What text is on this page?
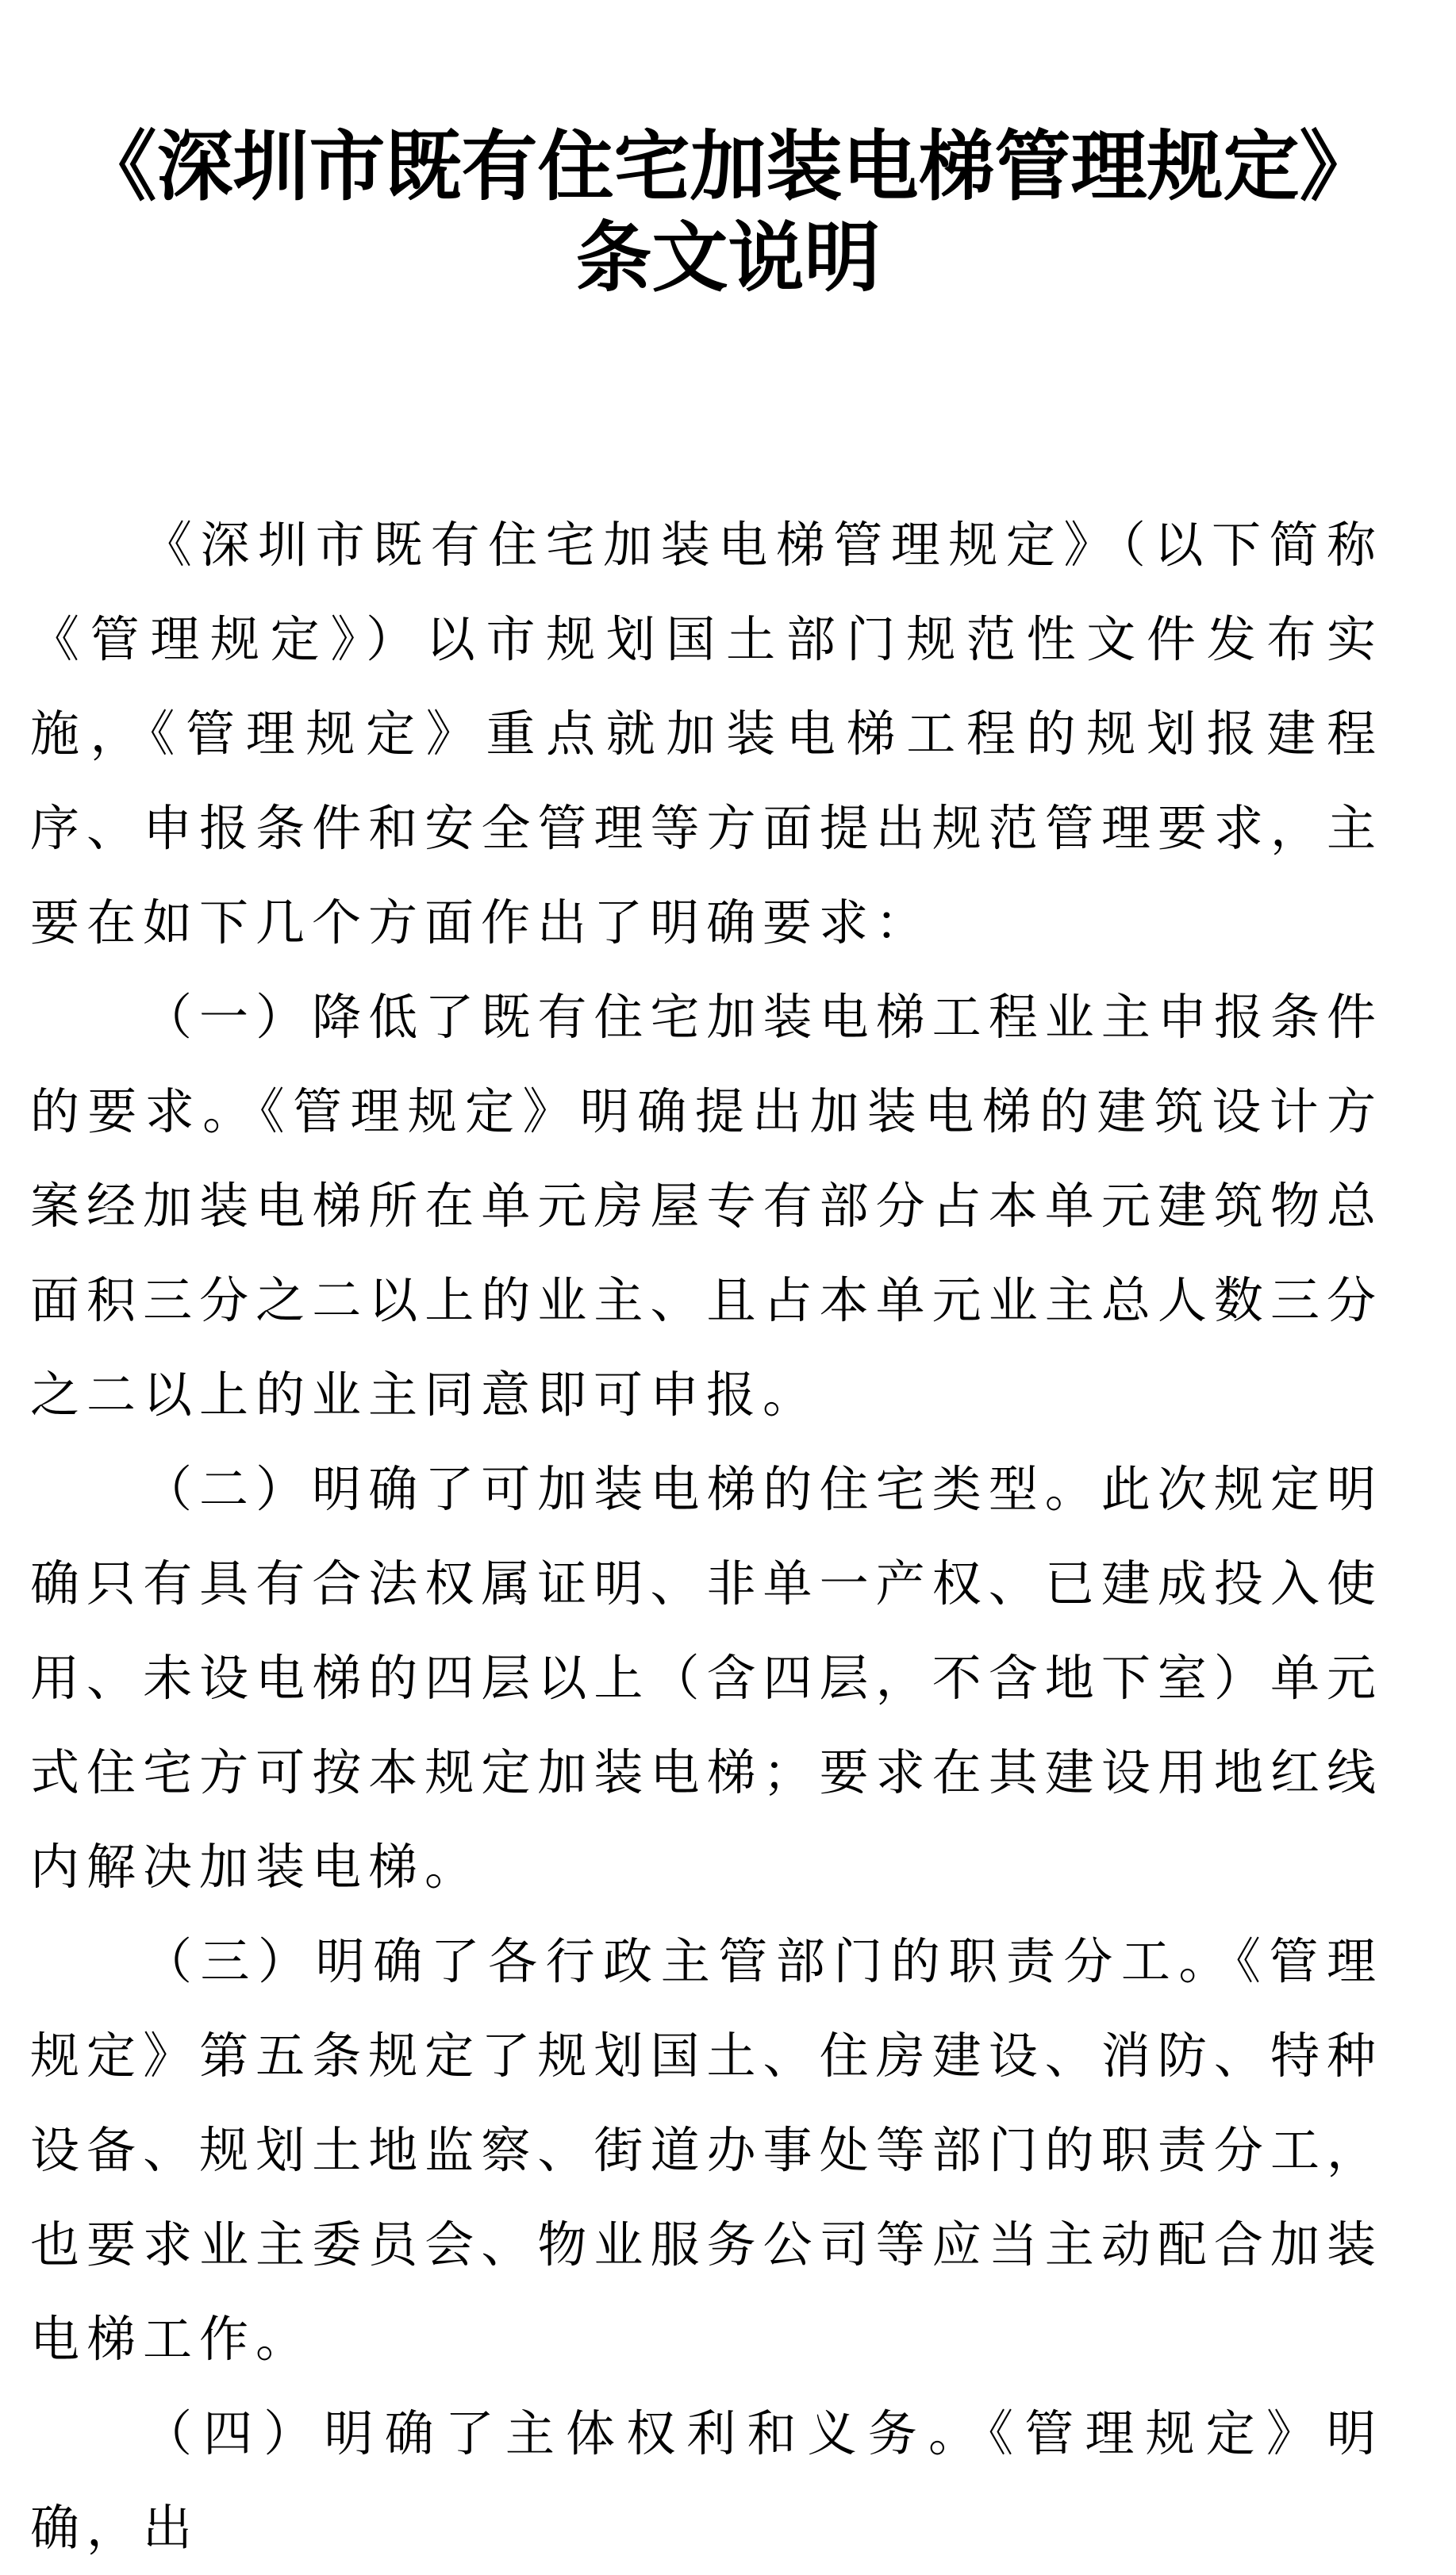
《深圳市既有住宅加装电梯管理规定》
条文说明

《深圳市既有住宅加装电梯管理规定》（以下简称《管理规定》）以市规划国土部门规范性文件发布实施，《管理规定》重点就加装电梯工程的规划报建程序、申报条件和安全管理等方面提出规范管理要求，主要在如下几个方面作出了明确要求：

（一）降低了既有住宅加装电梯工程业主申报条件的要求。《管理规定》明确提出加装电梯的建筑设计方案经加装电梯所在单元房屋专有部分占本单元建筑物总面积三分之二以上的业主、且占本单元业主总人数三分之二以上的业主同意即可申报。

（二）明确了可加装电梯的住宅类型。此次规定明确只有具有合法权属证明、非单一产权、已建成投入使用、未设电梯的四层以上（含四层，不含地下室）单元式住宅方可按本规定加装电梯；要求在其建设用地红线内解决加装电梯。

（三）明确了各行政主管部门的职责分工。《管理规定》第五条规定了规划国土、住房建设、消防、特种设备、规划土地监察、街道办事处等部门的职责分工，也要求业主委员会、物业服务公司等应当主动配合加装电梯工作。

（四）明确了主体权利和义务。《管理规定》明确，出
